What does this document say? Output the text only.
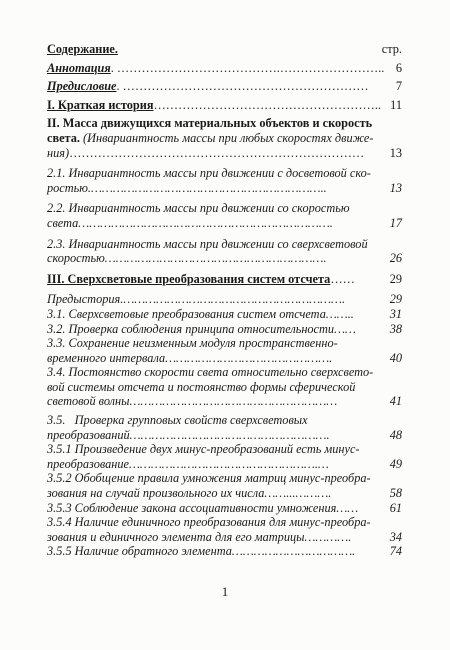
Содержание.	стр.
Аннотация . ………………………………….…………………….. 6
Предисловие . ……………………………………………………	7
I. Краткая история ……………………………………………….. 11
II. Масса движущихся материальных объектов и скорость
света. (Инвариантность массы при любых скоростях движе-
ния) ………………………………………………………………	13
2.1. Инвариантность массы при движении с досветовой ско-
ростью. ………………………………………………………..	13
2.2. Инвариантность массы при движении со скоростью
света …………………………………………………………….	17
2.3. Инвариантность массы при движении со сверхсветовой
скоростью …………………………………………………….	26
III. Сверхсветовые преобразования систем отсчета ……	29
Предыстория. …………………………………………………….	29
3.1. Сверхсветовые преобразования систем отсчета ……..	31
3.2. Проверка соблюдения принципа относительности ……	38
3.3. Сохранение неизменным модуля пространственно-
временного интервала ……………………………………….	40
3.4. Постоянство скорости света относительно сверхсвето-
вой системы отсчета и постоянство формы сферической
световой волны …………………………………………………	41
3.5.   Проверка групповых свойств сверхсветовых
преобразований ……………………………………………….	48
3.5.1 Произведение двух минус-преобразований есть минус-
преобразование …………………………………………….…	49
3.5.2 Обобщение правила умножения матриц минус-преобра-
зования на случай произвольного их числа ……...……….	58
3.5.3 Соблюдение закона ассоциативности умножения ……	61
3.5.4 Наличие единичного преобразования для минус-преобра-
зования и единичного элемента для его матрицы ………….	34
3.5.5 Наличие обратного элемента …………………………….	74
1
